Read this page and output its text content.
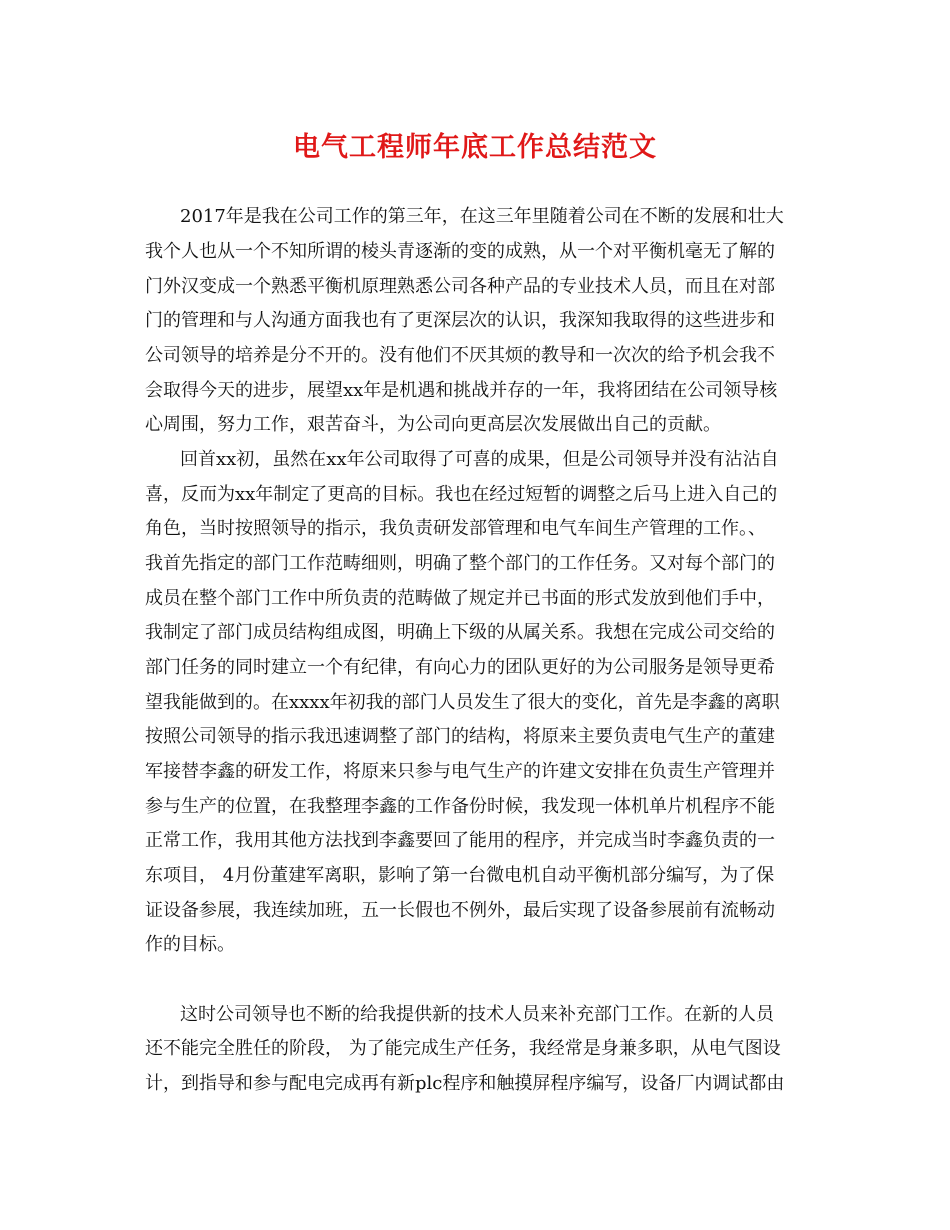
电气工程师年底工作总结范文
2017年是我在公司工作的第三年，在这三年里随着公司在不断的发展和壮大
我个人也从一个不知所谓的棱头青逐渐的变的成熟，从一个对平衡机毫无了解的
门外汉变成一个熟悉平衡机原理熟悉公司各种产品的专业技术人员，而且在对部
门的管理和与人沟通方面我也有了更深层次的认识，我深知我取得的这些进步和
公司领导的培养是分不开的。没有他们不厌其烦的教导和一次次的给予机会我不
会取得今天的进步，展望xx年是机遇和挑战并存的一年，我将团结在公司领导核
心周围，努力工作，艰苦奋斗，为公司向更高层次发展做出自己的贡献。
回首xx初，虽然在xx年公司取得了可喜的成果，但是公司领导并没有沾沾自
喜，反而为xx年制定了更高的目标。我也在经过短暂的调整之后马上进入自己的
角色，当时按照领导的指示，我负责研发部管理和电气车间生产管理的工作。、
我首先指定的部门工作范畴细则，明确了整个部门的工作任务。又对每个部门的
成员在整个部门工作中所负责的范畴做了规定并已书面的形式发放到他们手中，
我制定了部门成员结构组成图，明确上下级的从属关系。我想在完成公司交给的
部门任务的同时建立一个有纪律，有向心力的团队更好的为公司服务是领导更希
望我能做到的。在xxxx年初我的部门人员发生了很大的变化，首先是李鑫的离职
按照公司领导的指示我迅速调整了部门的结构，将原来主要负责电气生产的董建
军接替李鑫的研发工作，将原来只参与电气生产的许建文安排在负责生产管理并
参与生产的位置，在我整理李鑫的工作备份时候，我发现一体机单片机程序不能
正常工作，我用其他方法找到李鑫要回了能用的程序，并完成当时李鑫负责的一
东项目， 4月份董建军离职，影响了第一台微电机自动平衡机部分编写，为了保
证设备参展，我连续加班，五一长假也不例外，最后实现了设备参展前有流畅动
作的目标。
这时公司领导也不断的给我提供新的技术人员来补充部门工作。在新的人员
还不能完全胜任的阶段， 为了能完成生产任务，我经常是身兼多职，从电气图设
计，到指导和参与配电完成再有新plc程序和触摸屏程序编写，设备厂内调试都由
